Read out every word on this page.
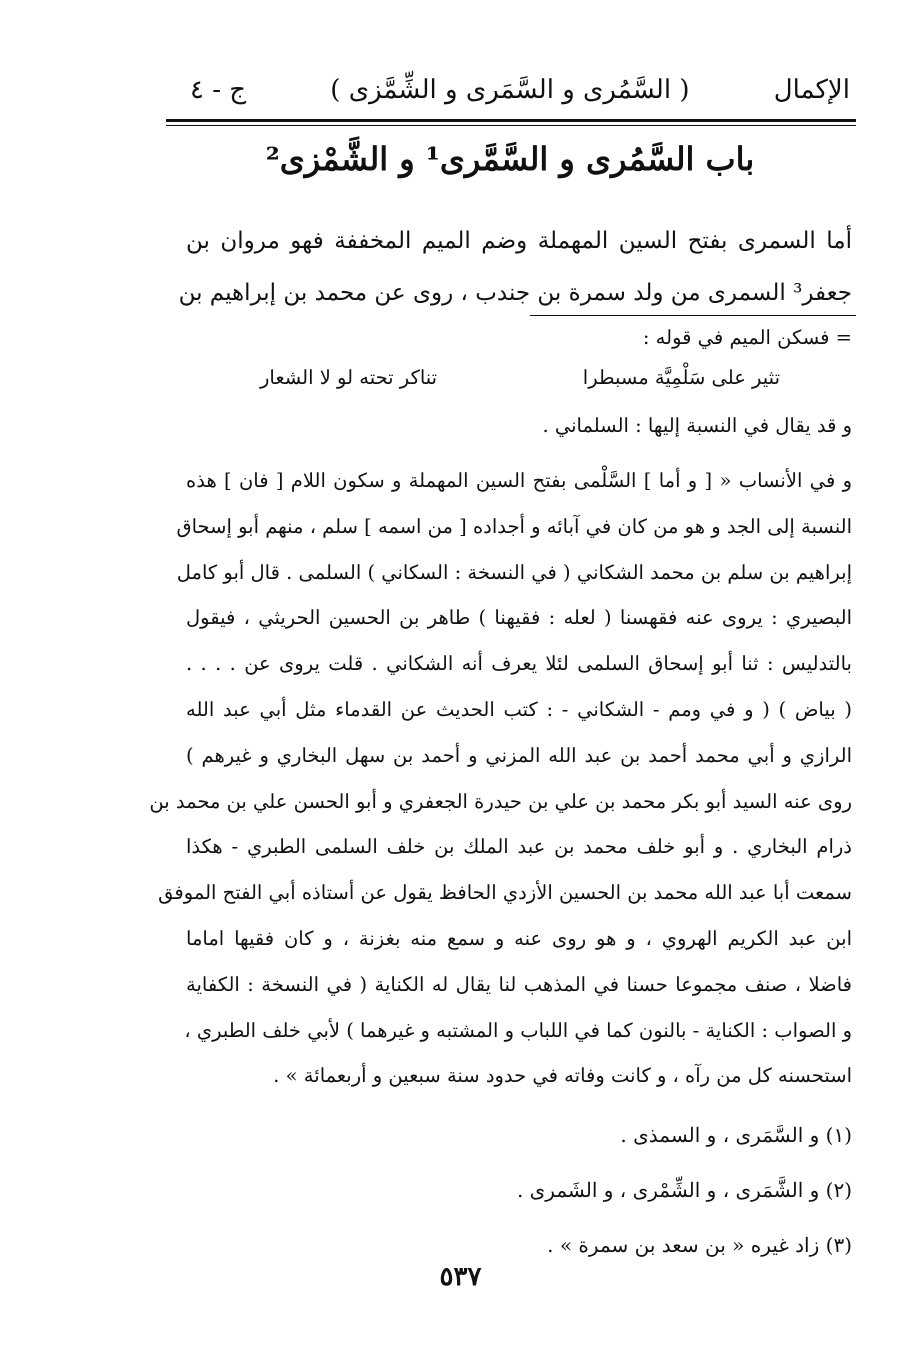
الإكمال
( السَّمُرى و السَّمَرى و الشِّمَّزى )
ج - ٤
باب السَّمُرى و السَّمَّرى¹ و الشَّمْزى²

أما السمرى بفتح السين المهملة وضم الميم المخففة فهو مروان بن

جعفر³ السمرى من ولد سمرة بن جندب ، روى عن محمد بن إبراهيم بن

= فسكن الميم في قوله :

تثير على سَلْمِيَّة مسبطرا
تناكر تحته لو لا الشعار

و قد يقال في النسبة إليها : السلماني .

و في الأنساب « [ و أما ] السَّلْمى بفتح السين المهملة و سكون اللام [ فان ] هذه

النسبة إلى الجد و هو من كان في آبائه و أجداده [ من اسمه ] سلم ، منهم أبو إسحاق

إبراهيم بن سلم بن محمد الشكاني ( في النسخة : السكاني ) السلمى . قال أبو كامل

البصيري : يروى عنه فقهسنا ( لعله : فقيهنا ) طاهر بن الحسين الحريثي ، فيقول

بالتدليس : ثنا أبو إسحاق السلمى لئلا يعرف أنه الشكاني . قلت يروى عن . . . .

( بياض ) ( و في ومم - الشكاني - : كتب الحديث عن القدماء مثل أبي عبد الله

الرازي و أبي محمد أحمد بن عبد الله المزني و أحمد بن سهل البخاري و غيرهم )

روى عنه السيد أبو بكر محمد بن علي بن حيدرة الجعفري و أبو الحسن علي بن محمد بن

ذرام البخاري . و أبو خلف محمد بن عبد الملك بن خلف السلمى الطبري - هكذا

سمعت أبا عبد الله محمد بن الحسين الأزدي الحافظ يقول عن أستاذه أبي الفتح الموفق

ابن عبد الكريم الهروي ، و هو روى عنه و سمع منه بغزنة ، و كان فقيها اماما

فاضلا ، صنف مجموعا حسنا في المذهب لنا يقال له الكناية ( في النسخة : الكفاية

و الصواب : الكناية - بالنون كما في اللباب و المشتبه و غيرهما ) لأبي خلف الطبري ،

استحسنه كل من رآه ، و كانت وفاته في حدود سنة سبعين و أربعمائة » .

(١) و السَّمَرى ، و السمذى .

(٢) و الشَّمَرى ، و الشِّمْرى ، و الشَمرى .

(٣) زاد غيره « بن سعد بن سمرة » .

٥٣٧
